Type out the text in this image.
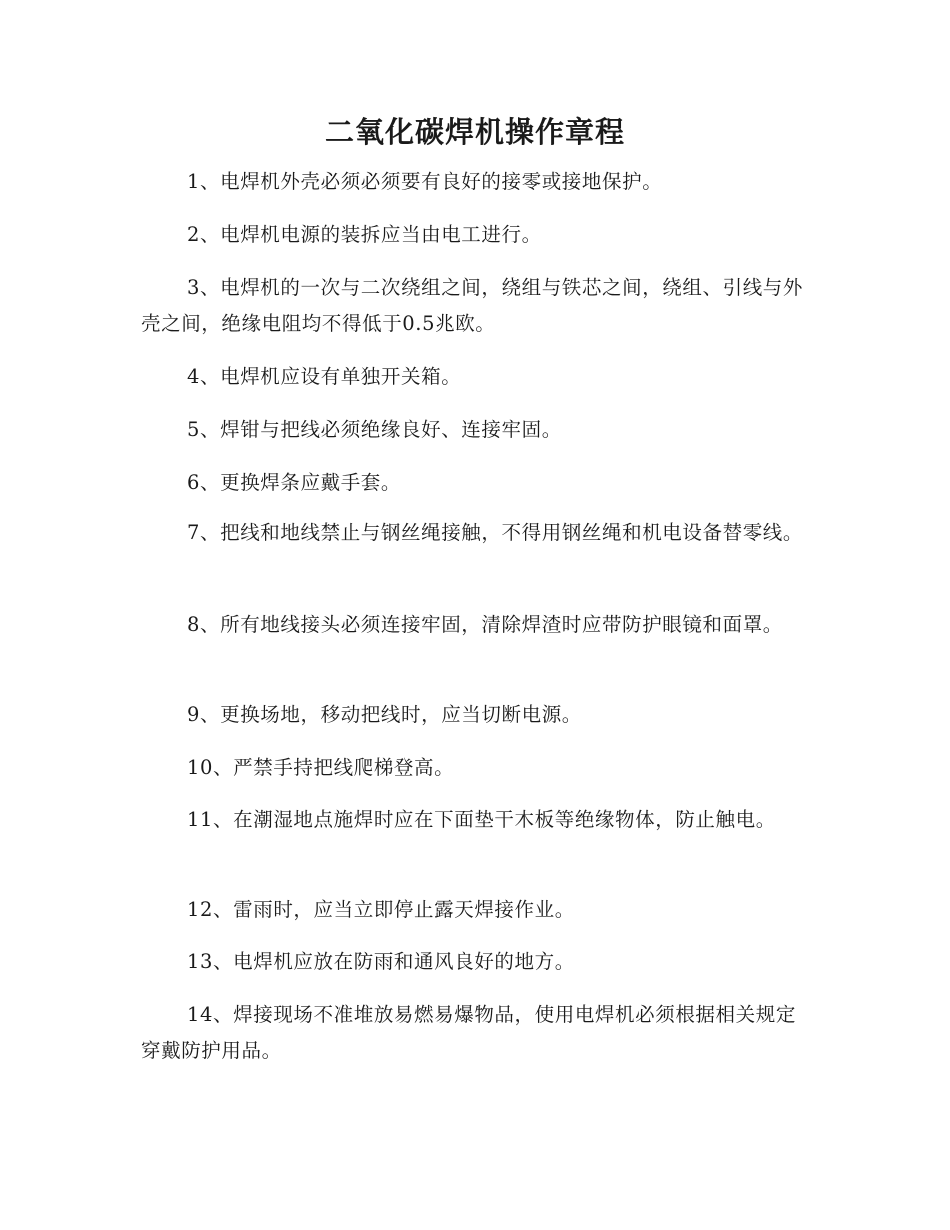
二氧化碳焊机操作章程

1、电焊机外壳必须必须要有良好的接零或接地保护。

2、电焊机电源的装拆应当由电工进行。

3、电焊机的一次与二次绕组之间，绕组与铁芯之间，绕组、引线与外壳之间，绝缘电阻均不得低于0.5兆欧。

4、电焊机应设有单独开关箱。

5、焊钳与把线必须绝缘良好、连接牢固。

6、更换焊条应戴手套。

7、把线和地线禁止与钢丝绳接触，不得用钢丝绳和机电设备替零线。

8、所有地线接头必须连接牢固，清除焊渣时应带防护眼镜和面罩。

9、更换场地，移动把线时，应当切断电源。

10、严禁手持把线爬梯登高。

11、在潮湿地点施焊时应在下面垫干木板等绝缘物体，防止触电。

12、雷雨时，应当立即停止露天焊接作业。

13、电焊机应放在防雨和通风良好的地方。

14、焊接现场不准堆放易燃易爆物品，使用电焊机必须根据相关规定穿戴防护用品。
